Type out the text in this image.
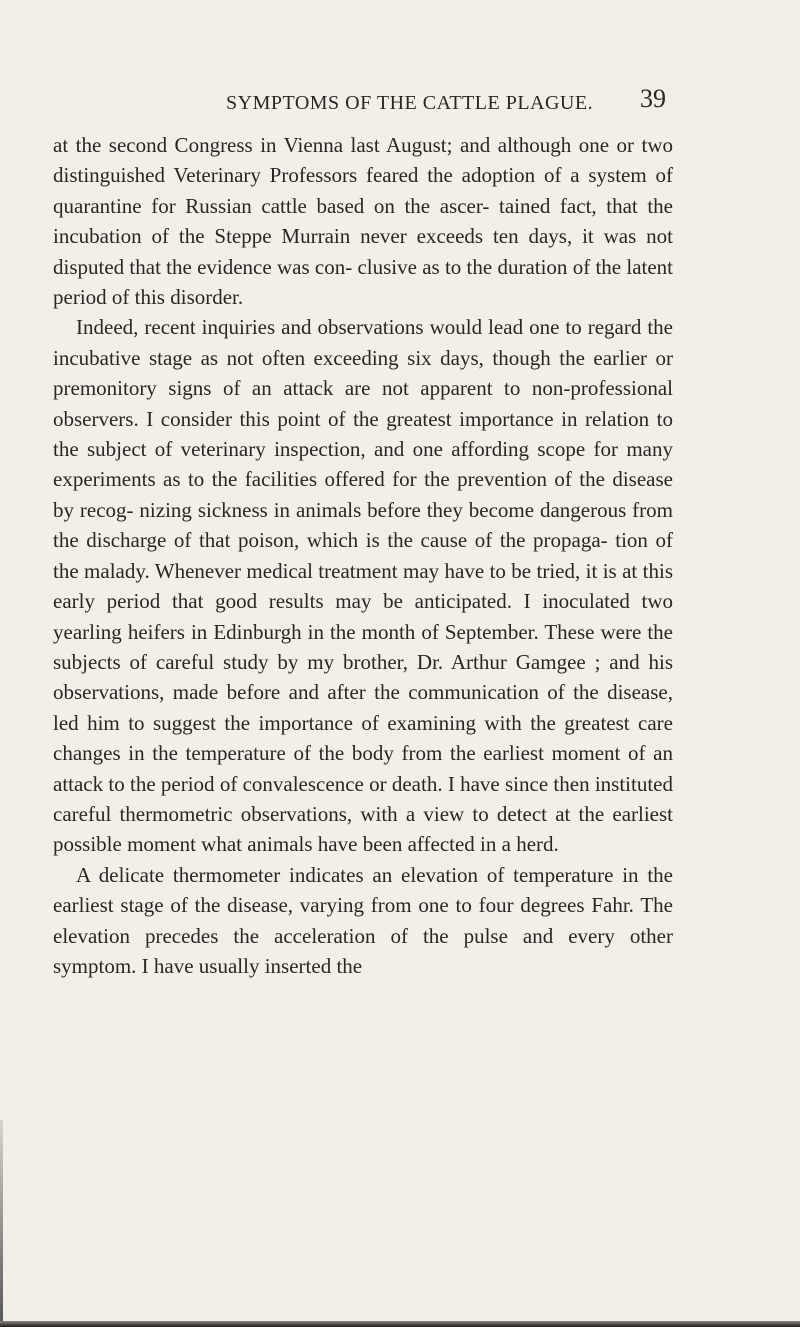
SYMPTOMS OF THE CATTLE PLAGUE. 39

at the second Congress in Vienna last August; and although one or two distinguished Veterinary Professors feared the adoption of a system of quarantine for Russian cattle based on the ascer- tained fact, that the incubation of the Steppe Murrain never exceeds ten days, it was not disputed that the evidence was con- clusive as to the duration of the latent period of this disorder.

Indeed, recent inquiries and observations would lead one to regard the incubative stage as not often exceeding six days, though the earlier or premonitory signs of an attack are not apparent to non-professional observers. I consider this point of the greatest importance in relation to the subject of veterinary inspection, and one affording scope for many experiments as to the facilities offered for the prevention of the disease by recog- nizing sickness in animals before they become dangerous from the discharge of that poison, which is the cause of the propaga- tion of the malady. Whenever medical treatment may have to be tried, it is at this early period that good results may be anticipated. I inoculated two yearling heifers in Edinburgh in the month of September. These were the subjects of careful study by my brother, Dr. Arthur Gamgee ; and his observations, made before and after the communication of the disease, led him to suggest the importance of examining with the greatest care changes in the temperature of the body from the earliest moment of an attack to the period of convalescence or death. I have since then instituted careful thermometric observations, with a view to detect at the earliest possible moment what animals have been affected in a herd.

A delicate thermometer indicates an elevation of temperature in the earliest stage of the disease, varying from one to four degrees Fahr. The elevation precedes the acceleration of the pulse and every other symptom. I have usually inserted the
